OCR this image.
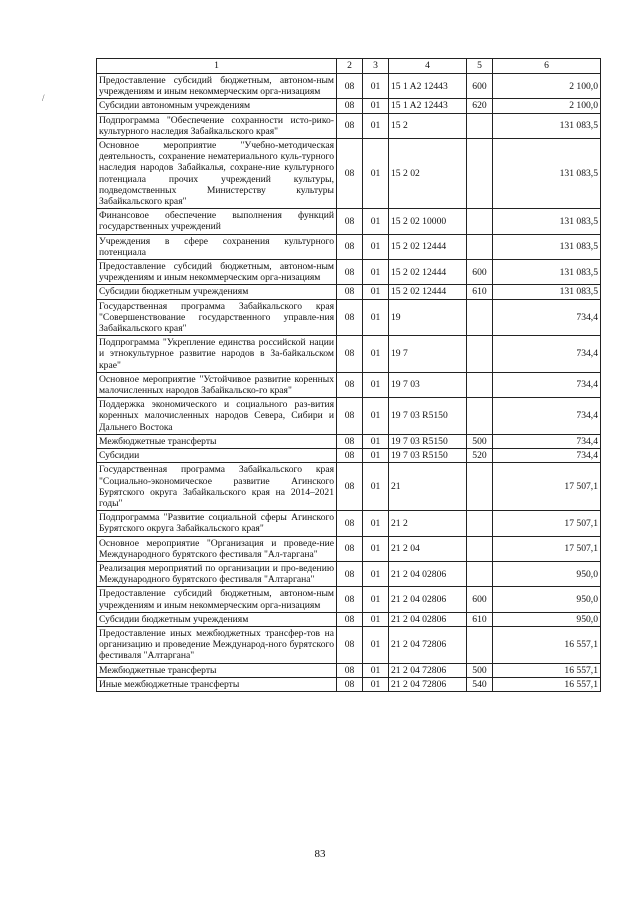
/
1	2	3	4	5	6
Предоставление субсидий бюджетным, автоном-ным учреждениям и иным некоммерческим орга-низациям	08	01	15 1 A2 12443	600	2 100,0
Субсидии автономным учреждениям	08	01	15 1 A2 12443	620	2 100,0
Подпрограмма "Обеспечение сохранности исто-рико-культурного наследия Забайкальского края"	08	01	15 2		131 083,5
Основное мероприятие "Учебно-методическая деятельность, сохранение нематериального куль-турного наследия народов Забайкалья, сохране-ние культурного потенциала прочих учреждений культуры, подведомственных Министерству культуры Забайкальского края"	08	01	15 2 02		131 083,5
Финансовое обеспечение выполнения функций государственных учреждений	08	01	15 2 02 10000		131 083,5
Учреждения в сфере сохранения культурного потенциала	08	01	15 2 02 12444		131 083,5
Предоставление субсидий бюджетным, автоном-ным учреждениям и иным некоммерческим орга-низациям	08	01	15 2 02 12444	600	131 083,5
Субсидии бюджетным учреждениям	08	01	15 2 02 12444	610	131 083,5
Государственная программа Забайкальского края "Совершенствование государственного управле-ния Забайкальского края"	08	01	19		734,4
Подпрограмма "Укрепление единства российской нации и этнокультурное развитие народов в За-байкальском крае"	08	01	19 7		734,4
Основное мероприятие "Устойчивое развитие коренных малочисленных народов Забайкальско-го края"	08	01	19 7 03		734,4
Поддержка экономического и социального раз-вития коренных малочисленных народов Севера, Сибири и Дальнего Востока	08	01	19 7 03 R5150		734,4
Межбюджетные трансферты	08	01	19 7 03 R5150	500	734,4
Субсидии	08	01	19 7 03 R5150	520	734,4
Государственная программа Забайкальского края "Социально-экономическое развитие Агинского Бурятского округа Забайкальского края на 2014–2021 годы"	08	01	21		17 507,1
Подпрограмма "Развитие социальной сферы Агинского Бурятского округа Забайкальского края"	08	01	21 2		17 507,1
Основное мероприятие "Организация и проведе-ние Международного бурятского фестиваля "Ал-таргана"	08	01	21 2 04		17 507,1
Реализация мероприятий по организации и про-ведению Международного бурятского фестиваля "Алтаргана"	08	01	21 2 04 02806		950,0
Предоставление субсидий бюджетным, автоном-ным учреждениям и иным некоммерческим орга-низациям	08	01	21 2 04 02806	600	950,0
Субсидии бюджетным учреждениям	08	01	21 2 04 02806	610	950,0
Предоставление иных межбюджетных трансфер-тов на организацию и проведение Международ-ного бурятского фестиваля "Алтаргана"	08	01	21 2 04 72806		16 557,1
Межбюджетные трансферты	08	01	21 2 04 72806	500	16 557,1
Иные межбюджетные трансферты	08	01	21 2 04 72806	540	16 557,1
83
